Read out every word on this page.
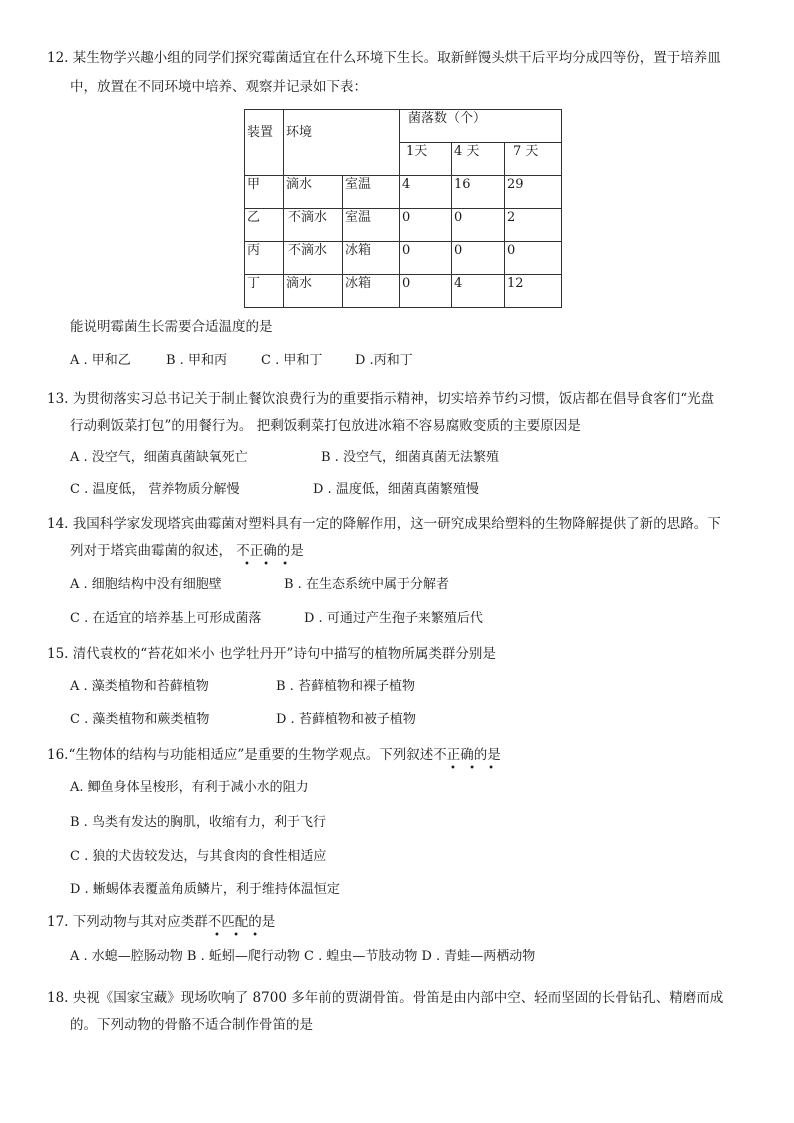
12. 某生物学兴趣小组的同学们探究霉菌适宜在什么环境下生长。取新鲜馒头烘干后平均分成四等份，置于培养皿
中，放置在不同环境中培养、观察并记录如下表：
装置	环境		菌落数（个）		
			1天	4 天	7 天
甲	滴水	室温	4	16	29
乙	不滴水	室温	0	0	2
丙	不滴水	冰箱	0	0	0
丁	滴水	冰箱	0	4	12
能说明霉菌生长需要合适温度的是
A . 甲和乙	B . 甲和丙	C . 甲和丁	D .丙和丁
13. 为贯彻落实习总书记关于制止餐饮浪费行为的重要指示精神，切实培养节约习惯，饭店都在倡导食客们“光盘
行动剩饭菜打包”的用餐行为。 把剩饭剩菜打包放进冰箱不容易腐败变质的主要原因是
A . 没空气，细菌真菌缺氧死亡	B . 没空气，细菌真菌无法繁殖
C . 温度低， 营养物质分解慢	D . 温度低，细菌真菌繁殖慢
14. 我国科学家发现塔宾曲霉菌对塑料具有一定的降解作用，这一研究成果给塑料的生物降解提供了新的思路。下
列对于塔宾曲霉菌的叙述， 不正确的是
• • •
A . 细胞结构中没有细胞壁	B . 在生态系统中属于分解者
C . 在适宜的培养基上可形成菌落	D . 可通过产生孢子来繁殖后代
15. 清代袁枚的“苔花如米小 也学牡丹开”诗句中描写的植物所属类群分别是
A . 藻类植物和苔藓植物	B . 苔藓植物和裸子植物
C . 藻类植物和蕨类植物	D . 苔藓植物和被子植物
16.“生物体的结构与功能相适应”是重要的生物学观点。下列叙述不正确的是
• • •
A. 鲫鱼身体呈梭形，有利于减小水的阻力
B . 鸟类有发达的胸肌，收缩有力，利于飞行
C . 狼的犬齿较发达，与其食肉的食性相适应
D . 蜥蜴体表覆盖角质鳞片，利于维持体温恒定
17. 下列动物与其对应类群不匹配的是
• • •
A . 水螅—腔肠动物 B . 蚯蚓—爬行动物 C . 蝗虫—节肢动物 D . 青蛙—两栖动物
18. 央视《国家宝藏》现场吹响了 8700 多年前的贾湖骨笛。骨笛是由内部中空、轻而坚固的长骨钻孔、精磨而成
的。下列动物的骨骼不适合制作骨笛的是
